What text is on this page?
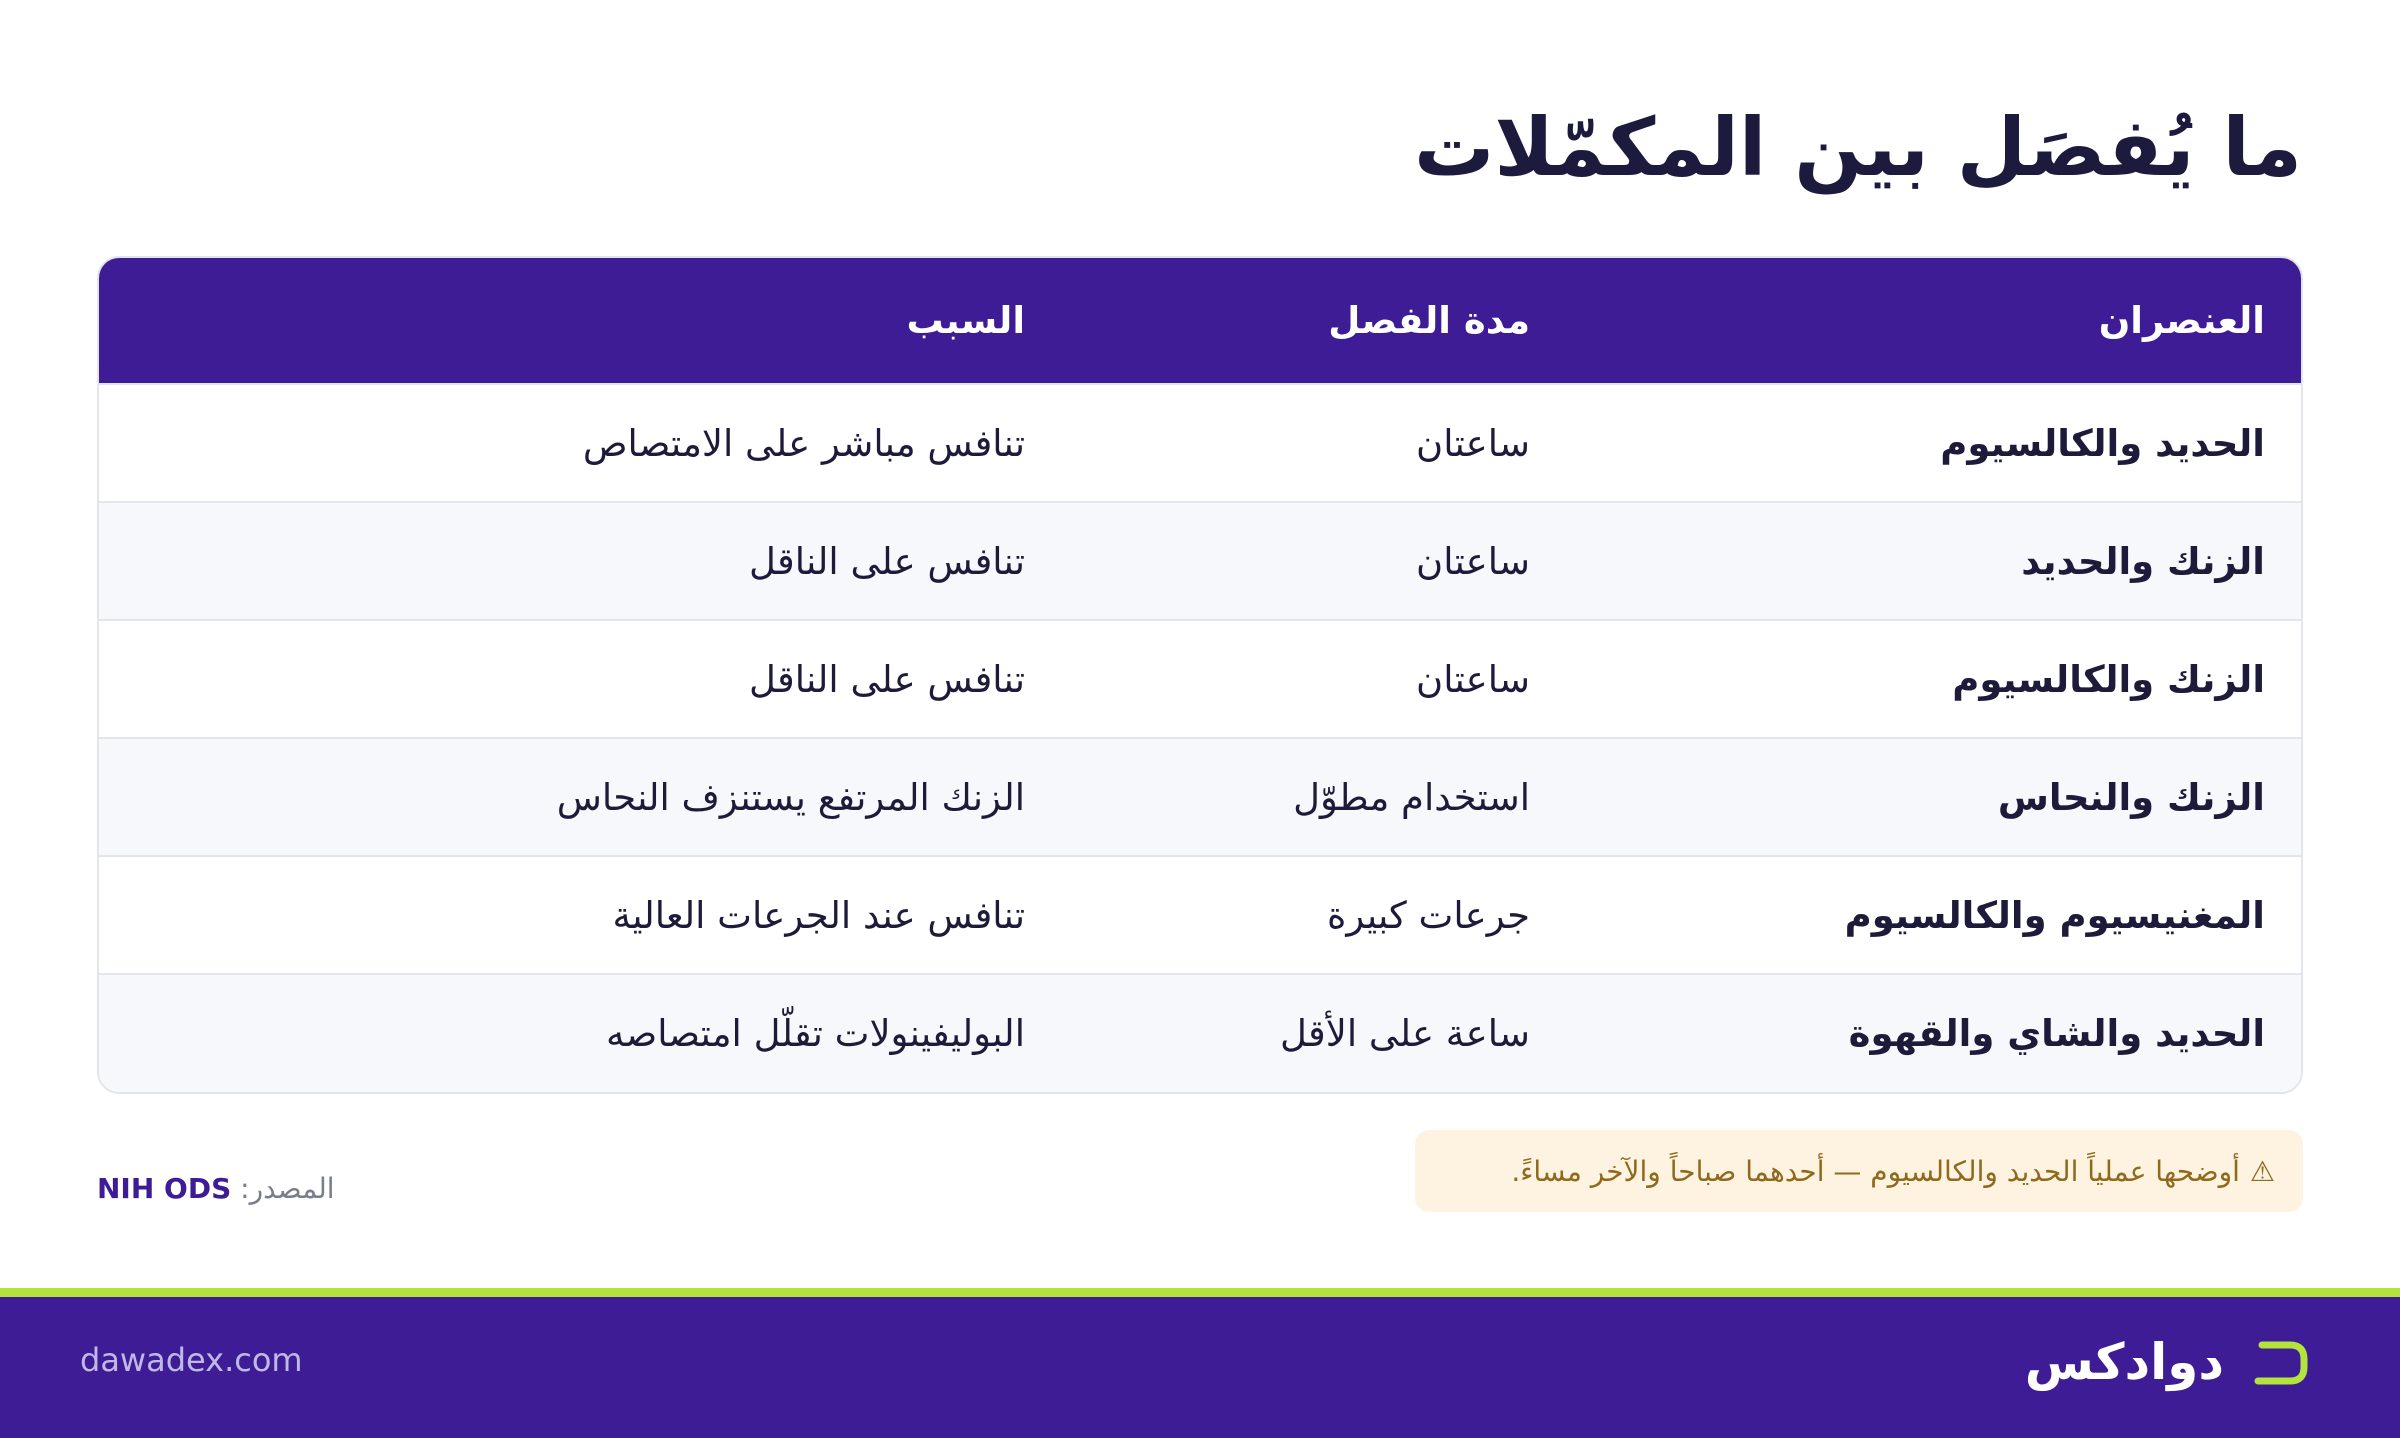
ما يُفصَل بين المكمّلات
العنصران	مدة الفصل	السبب
الحديد والكالسيوم	ساعتان	تنافس مباشر على الامتصاص
الزنك والحديد	ساعتان	تنافس على الناقل
الزنك والكالسيوم	ساعتان	تنافس على الناقل
الزنك والنحاس	استخدام مطوّل	الزنك المرتفع يستنزف النحاس
المغنيسيوم والكالسيوم	جرعات كبيرة	تنافس عند الجرعات العالية
الحديد والشاي والقهوة	ساعة على الأقل	البوليفينولات تقلّل امتصاصه
⚠
أوضحها عملياً الحديد والكالسيوم — أحدهما صباحاً والآخر مساءً.
المصدر: NIH ODS
دوادكس
dawadex.com
